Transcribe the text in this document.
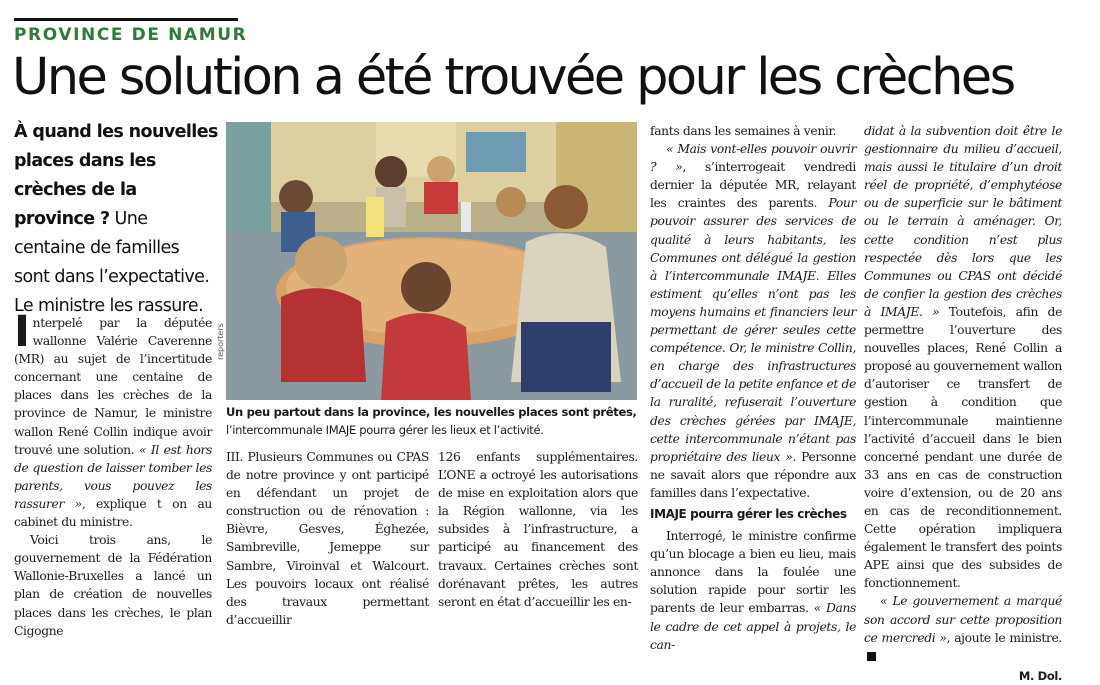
PROVINCE DE NAMUR
Une solution a été trouvée pour les crèches
À quand les nouvelles places dans les crèches de la province ? Une centaine de familles sont dans l’expectative. Le ministre les rassure.
reporters
Un peu partout dans la province, les nouvelles places sont prêtes, l’intercommunale IMAJE pourra gérer les lieux et l’activité.

Interpelé par la députée wallonne Valérie Caverenne (MR) au sujet de l’incertitude concernant une centaine de places dans les crèches de la province de Namur, le ministre wallon René Collin indique avoir trouvé une solution. « Il est hors de question de laisser tomber les parents, vous pouvez les rassurer », explique t on au cabinet du ministre.

Voici trois ans, le gouvernement de la Fédération Wallonie-Bruxelles a lancé un plan de création de nouvelles places dans les crèches, le plan Cigogne

III. Plusieurs Communes ou CPAS de notre province y ont participé en défendant un projet de construction ou de rénovation : Bièvre, Gesves, Éghezée, Sambreville, Jemeppe sur Sambre, Viroinval et Walcourt. Les pouvoirs locaux ont réalisé des travaux permettant d’accueillir

126 enfants supplémentaires. L’ONE a octroyé les autorisations de mise en exploitation alors que la Région wallonne, via les subsides à l’infrastructure, a participé au financement des travaux. Certaines crèches sont dorénavant prêtes, les autres seront en état d’accueillir les en-

fants dans les semaines à venir.

« Mais vont-elles pouvoir ouvrir ? », s’interrogeait vendredi dernier la députée MR, relayant les craintes des parents. Pour pouvoir assurer des services de qualité à leurs habitants, les Communes ont délégué la gestion à l’intercommunale IMAJE. Elles estiment qu’elles n’ont pas les moyens humains et financiers leur permettant de gérer seules cette compétence. Or, le ministre Collin, en charge des infrastructures d’accueil de la petite enfance et de la ruralité, refuserait l’ouverture des crèches gérées par IMAJE, cette intercommunale n’étant pas propriétaire des lieux ». Personne ne savait alors que répondre aux familles dans l’expectative.

IMAJE pourra gérer les crèches

Interrogé, le ministre confirme qu’un blocage a bien eu lieu, mais annonce dans la foulée une solution rapide pour sortir les parents de leur embarras. « Dans le cadre de cet appel à projets, le can-

didat à la subvention doit être le gestionnaire du milieu d’accueil, mais aussi le titulaire d’un droit réel de propriété, d’emphytéose ou de superficie sur le bâtiment ou le terrain à aménager. Or, cette condition n’est plus respectée dès lors que les Communes ou CPAS ont décidé de confier la gestion des crèches à IMAJE. » Toutefois, afin de permettre l’ouverture des nouvelles places, René Collin a proposé au gouvernement wallon d’autoriser ce transfert de gestion à condition que l’intercommunale maintienne l’activité d’accueil dans le bien concerné pendant une durée de 33 ans en cas de construction voire d’extension, ou de 20 ans en cas de reconditionnement. Cette opération impliquera également le transfert des points APE ainsi que des subsides de fonctionnement.

« Le gouvernement a marqué son accord sur cette proposition ce mercredi », ajoute le ministre.

M. Dol.
